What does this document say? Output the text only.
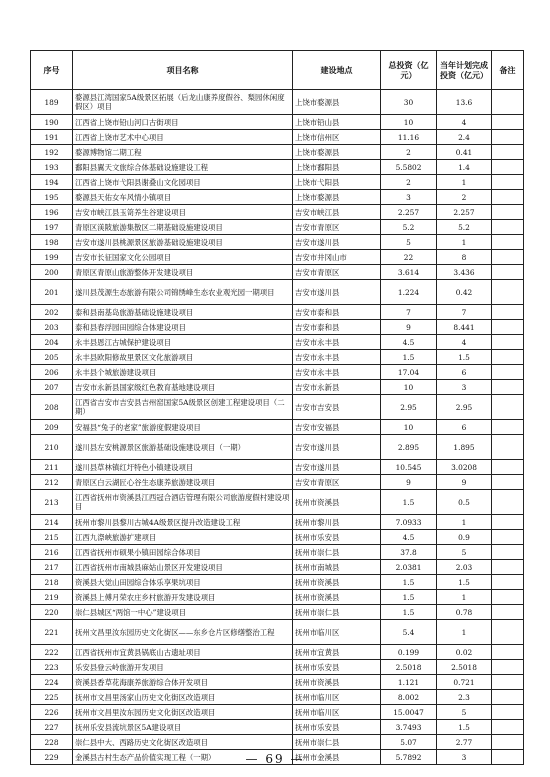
序号	项目名称	建设地点	总投资（亿元）	当年计划完成投资（亿元）	备注
189	婺源县江湾国家5A级景区拓展（后龙山康养度假谷、梨园休闲度假区）项目	上饶市婺源县	30	13.6	
190	江西省上饶市铅山河口古街项目	上饶市铅山县	10	4	
191	江西省上饶市艺术中心项目	上饶市信州区	11.16	2.4	
192	婺源博物馆二期工程	上饶市婺源县	2	0.41	
193	鄱阳县翼天文旅综合体基础设施建设工程	上饶市鄱阳县	5.5802	1.4	
194	江西省上饶市弋阳县谢叠山文化园项目	上饶市弋阳县	2	1	
195	婺源县天佑女车风情小镇项目	上饶市婺源县	3	2	
196	吉安市峡江县玉笥养生谷建设项目	吉安市峡江县	2.257	2.257	
197	青原区渼陂旅游集散区二期基础设施建设项目	吉安市青原区	5.2	5.2	
198	吉安市遂川县桃源景区旅游基础设施建设项目	吉安市遂川县	5	1	
199	吉安市长征国家文化公园项目	吉安市井冈山市	22	8	
200	青原区青原山旅游整体开发建设项目	吉安市青原区	3.614	3.436	
201	遂川县茂源生态旅游有限公司锦绣峰生态农业观光园一期项目	吉安市遂川县	1.224	0.42	
202	泰和县南基岛旅游基础设施建设项目	吉安市泰和县	7	7	
203	泰和县春浮园田园综合体建设项目	吉安市泰和县	9	8.441	
204	永丰县恩江古城保护建设项目	吉安市永丰县	4.5	4	
205	永丰县欧阳修故里景区文化旅游项目	吉安市永丰县	1.5	1.5	
206	永丰县个城旅游建设项目	吉安市永丰县	17.04	6	
207	吉安市永新县国家级红色教育基地建设项目	吉安市永新县	10	3	
208	江西省吉安市吉安县吉州窑国家5A级景区创建工程建设项目（二期）	吉安市吉安县	2.95	2.95	
209	安福县“兔子的老家”旅游度假建设项目	吉安市安福县	10	6	
210	遂川县左安桃源景区旅游基础设施建设项目（一期）	吉安市遂川县	2.895	1.895	
211	遂川县草林镇红圩特色小镇建设项目	吉安市遂川县	10.545	3.0208	
212	青原区白云湖匠心谷生态康养旅游建设项目	吉安市青原区	9	9	
213	江西省抚州市资溪县江西冠合酒店管理有限公司旅游度假村建设项目	抚州市资溪县	1.5	0.5	
214	抚州市黎川县黎川古城4A级景区提升改造建设工程	抚州市黎川县	7.0933	1	
215	江西九漈峡旅游扩建项目	抚州市乐安县	4.5	0.9	
216	江西省抚州市硕果小镇田园综合体项目	抚州市崇仁县	37.8	5	
217	江西省抚州市南城县麻姑山景区开发建设项目	抚州市南城县	2.0381	2.03	
218	资溪县大觉山田园综合体乐享果坑项目	抚州市资溪县	1.5	1.5	
219	资溪县上傅月荣农庄乡村旅游开发建设项目	抚州市资溪县	1.5	1	
220	崇仁县城区“两馆一中心”建设项目	抚州市崇仁县	1.5	0.78	
221	抚州文昌里汝东园历史文化街区——东乡仓片区修缮整治工程	抚州市临川区	5.4	1	
222	江西省抚州市宜黄县锅底山古遗址项目	抚州市宜黄县	0.199	0.02	
223	乐安县登云岭旅游开发项目	抚州市乐安县	2.5018	2.5018	
224	资溪县香草花海康养旅游综合体开发项目	抚州市资溪县	1.121	0.721	
225	抚州市文昌里汤家山历史文化街区改造项目	抚州市临川区	8.002	2.3	
226	抚州市文昌里汝东园历史文化街区改造项目	抚州市临川区	15.0047	5	
227	抚州乐安县流坑景区5A建设项目	抚州市乐安县	3.7493	1.5	
228	崇仁县中大、西路历史文化街区改造项目	抚州市崇仁县	5.07	2.77	
229	金溪县古村生态产品价值实现工程（一期）	抚州市金溪县	5.7892	3	
— 69 —
